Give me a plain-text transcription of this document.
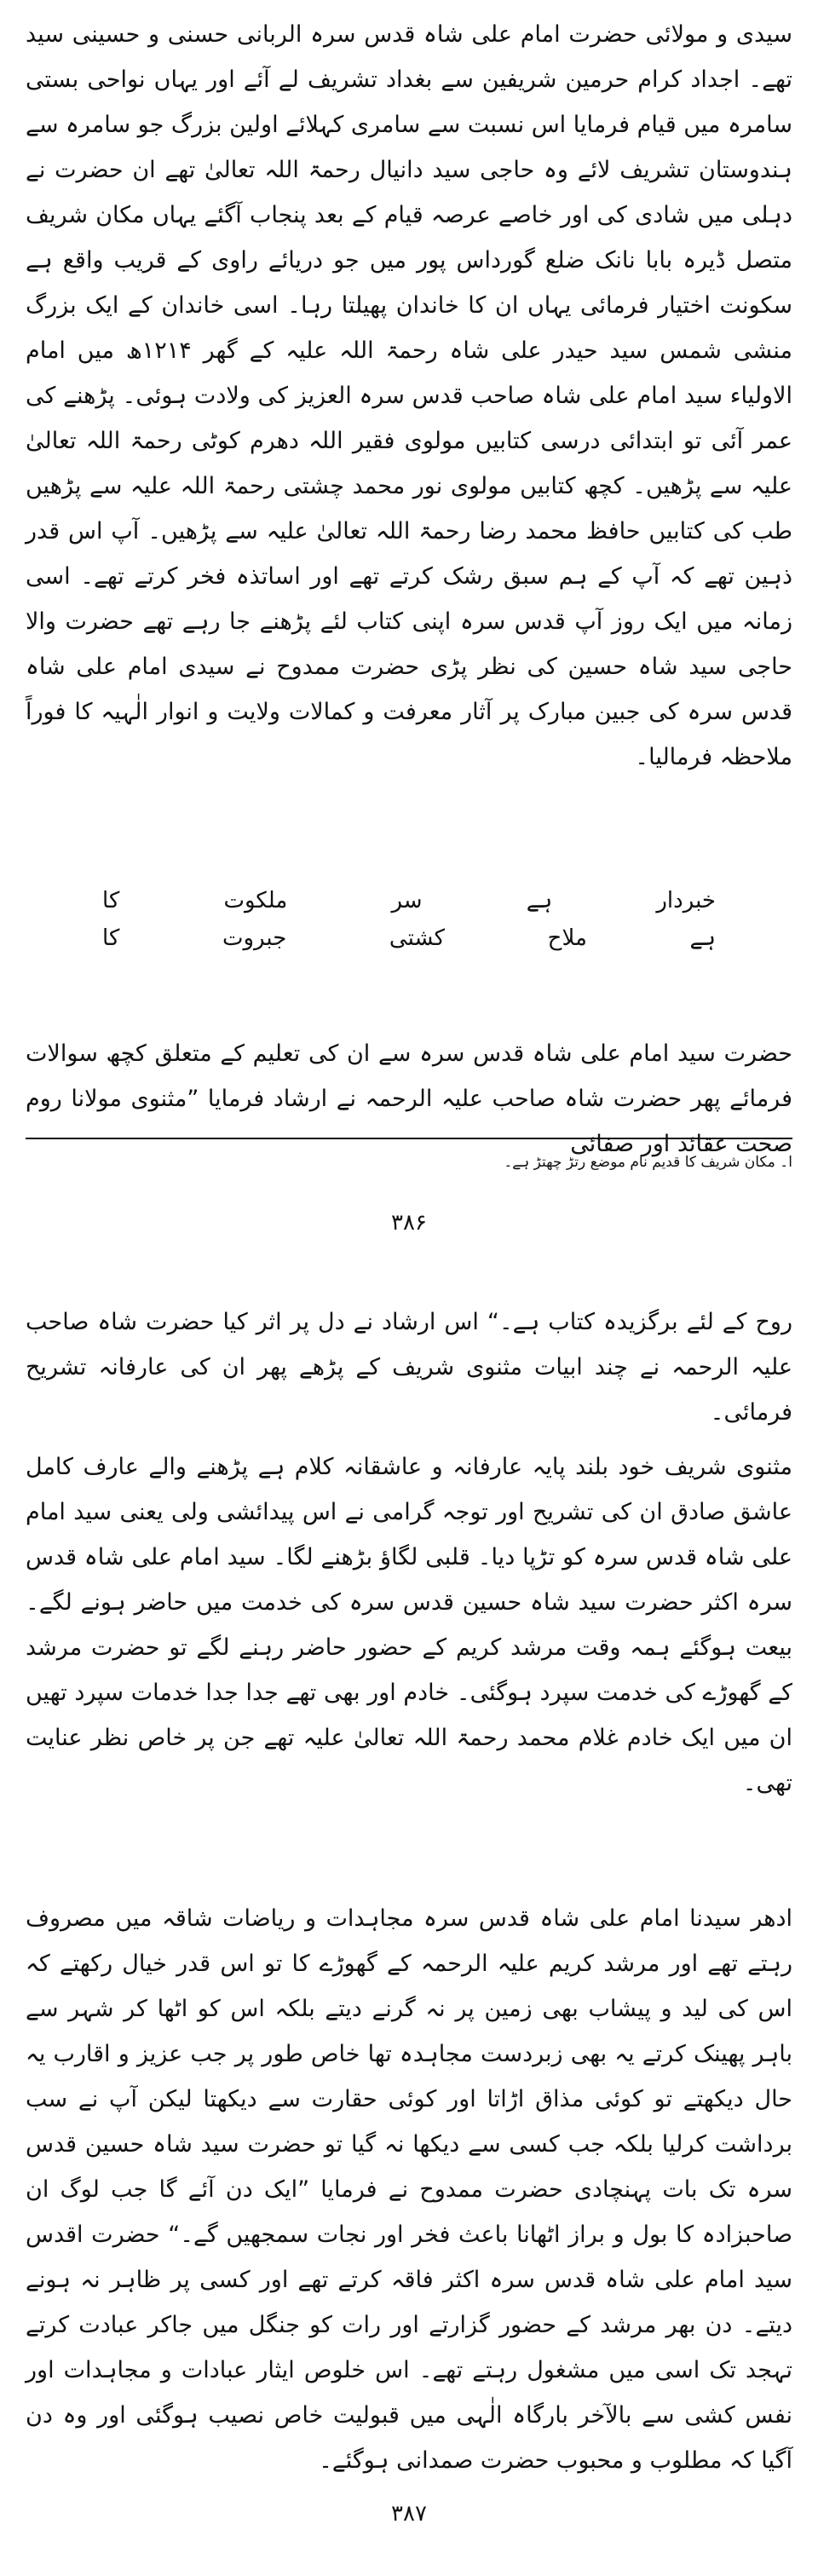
سیدی و مولائی حضرت امام علی شاہ قدس سرہ الربانی حسنی و حسینی سید تھے۔ اجداد کرام حرمین شریفین سے بغداد تشریف لے آئے اور یہاں نواحی بستی سامرہ میں قیام فرمایا اس نسبت سے سامری کہلائے اولین بزرگ جو سامرہ سے ہندوستان تشریف لائے وہ حاجی سید دانیال رحمۃ اللہ تعالیٰ تھے ان حضرت نے دہلی میں شادی کی اور خاصے عرصہ قیام کے بعد پنجاب آگئے یہاں مکان شریف متصل ڈیرہ بابا نانک ضلع گورداس پور میں جو دریائے راوی کے قریب واقع ہے سکونت اختیار فرمائی یہاں ان کا خاندان پھیلتا رہا۔ اسی خاندان کے ایک بزرگ منشی شمس سید حیدر علی شاہ رحمۃ اللہ علیہ کے گھر ۱۲۱۴ھ میں امام الاولیاء سید امام علی شاہ صاحب قدس سرہ العزیز کی ولادت ہوئی۔ پڑھنے کی عمر آئی تو ابتدائی درسی کتابیں مولوی فقیر اللہ دھرم کوٹی رحمۃ اللہ تعالیٰ علیہ سے پڑھیں۔ کچھ کتابیں مولوی نور محمد چشتی رحمۃ اللہ علیہ سے پڑھیں طب کی کتابیں حافظ محمد رضا رحمۃ اللہ تعالیٰ علیہ سے پڑھیں۔ آپ اس قدر ذہین تھے کہ آپ کے ہم سبق رشک کرتے تھے اور اساتذہ فخر کرتے تھے۔ اسی زمانہ میں ایک روز آپ قدس سرہ اپنی کتاب لئے پڑھنے جا رہے تھے حضرت والا حاجی سید شاہ حسین کی نظر پڑی حضرت ممدوح نے سیدی امام علی شاہ قدس سرہ کی جبین مبارک پر آثار معرفت و کمالات ولایت و انوار الٰہیہ کا فوراً ملاحظہ فرمالیا۔

خبردار
ہے
سر
ملکوت
کا
ہے
ملاح
کشتی
جبروت
کا

حضرت سید امام علی شاہ قدس سرہ سے ان کی تعلیم کے متعلق کچھ سوالات فرمائے پھر حضرت شاہ صاحب علیہ الرحمہ نے ارشاد فرمایا ”مثنوی مولانا روم صحت عقائد اور صفائی

ا۔ مکان شریف کا قدیم نام موضع رتڑ چھتڑ ہے۔
۳۸۶

روح کے لئے برگزیدہ کتاب ہے۔“ اس ارشاد نے دل پر اثر کیا حضرت شاہ صاحب علیہ الرحمہ نے چند ابیات مثنوی شریف کے پڑھے پھر ان کی عارفانہ تشریح فرمائی۔

مثنوی شریف خود بلند پایہ عارفانہ و عاشقانہ کلام ہے پڑھنے والے عارف کامل عاشق صادق ان کی تشریح اور توجہ گرامی نے اس پیدائشی ولی یعنی سید امام علی شاہ قدس سرہ کو تڑپا دیا۔ قلبی لگاؤ بڑھنے لگا۔ سید امام علی شاہ قدس سرہ اکثر حضرت سید شاہ حسین قدس سرہ کی خدمت میں حاضر ہونے لگے۔ بیعت ہوگئے ہمہ وقت مرشد کریم کے حضور حاضر رہنے لگے تو حضرت مرشد کے گھوڑے کی خدمت سپرد ہوگئی۔ خادم اور بھی تھے جدا جدا خدمات سپرد تھیں ان میں ایک خادم غلام محمد رحمۃ اللہ تعالیٰ علیہ تھے جن پر خاص نظر عنایت تھی۔

ادھر سیدنا امام علی شاہ قدس سرہ مجاہدات و ریاضات شاقہ میں مصروف رہتے تھے اور مرشد کریم علیہ الرحمہ کے گھوڑے کا تو اس قدر خیال رکھتے کہ اس کی لید و پیشاب بھی زمین پر نہ گرنے دیتے بلکہ اس کو اٹھا کر شہر سے باہر پھینک کرتے یہ بھی زبردست مجاہدہ تھا خاص طور پر جب عزیز و اقارب یہ حال دیکھتے تو کوئی مذاق اڑاتا اور کوئی حقارت سے دیکھتا لیکن آپ نے سب برداشت کرلیا بلکہ جب کسی سے دیکھا نہ گیا تو حضرت سید شاہ حسین قدس سرہ تک بات پہنچادی حضرت ممدوح نے فرمایا ”ایک دن آئے گا جب لوگ ان صاحبزادہ کا بول و براز اٹھانا باعث فخر اور نجات سمجھیں گے۔“ حضرت اقدس سید امام علی شاہ قدس سرہ اکثر فاقہ کرتے تھے اور کسی پر ظاہر نہ ہونے دیتے۔ دن بھر مرشد کے حضور گزارتے اور رات کو جنگل میں جاکر عبادت کرتے تہجد تک اسی میں مشغول رہتے تھے۔ اس خلوص ایثار عبادات و مجاہدات اور نفس کشی سے بالآخر بارگاہ الٰہی میں قبولیت خاص نصیب ہوگئی اور وہ دن آگیا کہ مطلوب و محبوب حضرت صمدانی ہوگئے۔

۳۸۷
